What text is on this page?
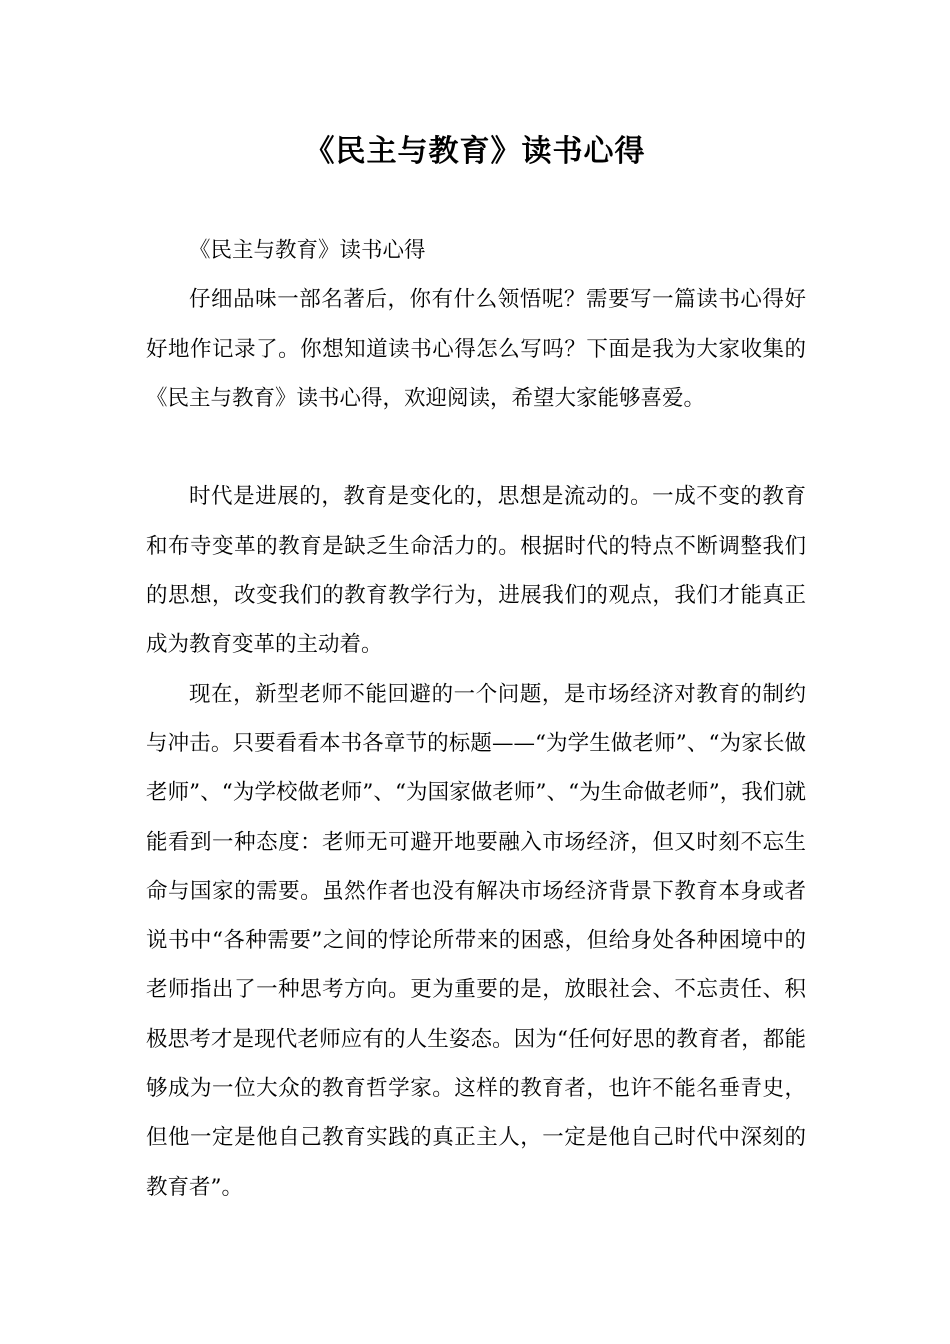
《民主与教育》读书心得

《民主与教育》读书心得

仔细品味一部名著后，你有什么领悟呢？需要写一篇读书心得好好地作记录了。你想知道读书心得怎么写吗？下面是我为大家收集的《民主与教育》读书心得，欢迎阅读，希望大家能够喜爱。

时代是进展的，教育是变化的，思想是流动的。一成不变的教育和布寺变革的教育是缺乏生命活力的。根据时代的特点不断调整我们的思想，改变我们的教育教学行为，进展我们的观点，我们才能真正成为教育变革的主动着。

现在，新型老师不能回避的一个问题，是市场经济对教育的制约与冲击。只要看看本书各章节的标题——“为学生做老师”、“为家长做老师”、“为学校做老师”、“为国家做老师”、“为生命做老师”，我们就能看到一种态度：老师无可避开地要融入市场经济，但又时刻不忘生命与国家的需要。虽然作者也没有解决市场经济背景下教育本身或者说书中“各种需要”之间的悖论所带来的困惑，但给身处各种困境中的老师指出了一种思考方向。更为重要的是，放眼社会、不忘责任、积极思考才是现代老师应有的人生姿态。因为“任何好思的教育者，都能够成为一位大众的教育哲学家。这样的教育者，也许不能名垂青史，但他一定是他自己教育实践的真正主人，一定是他自己时代中深刻的教育者”。
